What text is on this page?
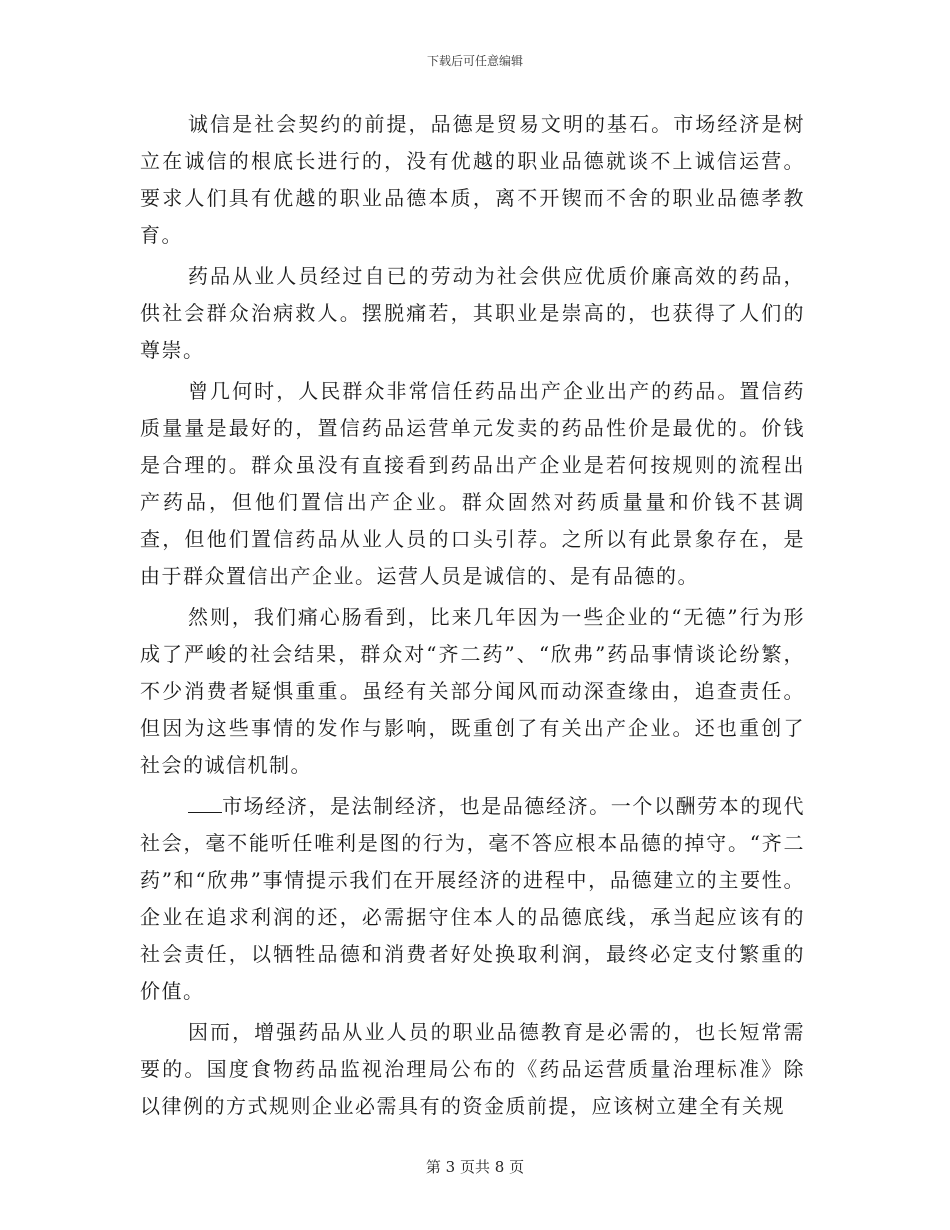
下载后可任意编辑

诚信是社会契约的前提，品德是贸易文明的基石。市场经济是树立在诚信的根底长进行的，没有优越的职业品德就谈不上诚信运营。要求人们具有优越的职业品德本质，离不开锲而不舍的职业品德孝教育。

药品从业人员经过自已的劳动为社会供应优质价廉高效的药品，供社会群众治病救人。摆脱痛若，其职业是崇高的，也获得了人们的尊崇。

曾几何时，人民群众非常信任药品出产企业出产的药品。置信药质量量是最好的，置信药品运营单元发卖的药品性价是最优的。价钱是合理的。群众虽没有直接看到药品出产企业是若何按规则的流程出产药品，但他们置信出产企业。群众固然对药质量量和价钱不甚调查，但他们置信药品从业人员的口头引荐。之所以有此景象存在，是由于群众置信出产企业。运营人员是诚信的、是有品德的。

然则，我们痛心肠看到，比来几年因为一些企业的“无德”行为形成了严峻的社会结果，群众对“齐二药”、“欣弗”药品事情谈论纷繁，不少消费者疑惧重重。虽经有关部分闻风而动深查缘由，追查责任。但因为这些事情的发作与影响，既重创了有关出产企业。还也重创了社会的诚信机制。

市场经济，是法制经济，也是品德经济。一个以酬劳本的现代社会，毫不能听任唯利是图的行为，毫不答应根本品德的掉守。“齐二药”和“欣弗”事情提示我们在开展经济的进程中，品德建立的主要性。企业在追求利润的还，必需据守住本人的品德底线，承当起应该有的社会责任，以牺牲品德和消费者好处换取利润，最终必定支付繁重的价值。

因而，增强药品从业人员的职业品德教育是必需的，也长短常需要的。国度食物药品监视治理局公布的《药品运营质量治理标准》除以律例的方式规则企业必需具有的资金质前提，应该树立建全有关规

第 3 页共 8 页
